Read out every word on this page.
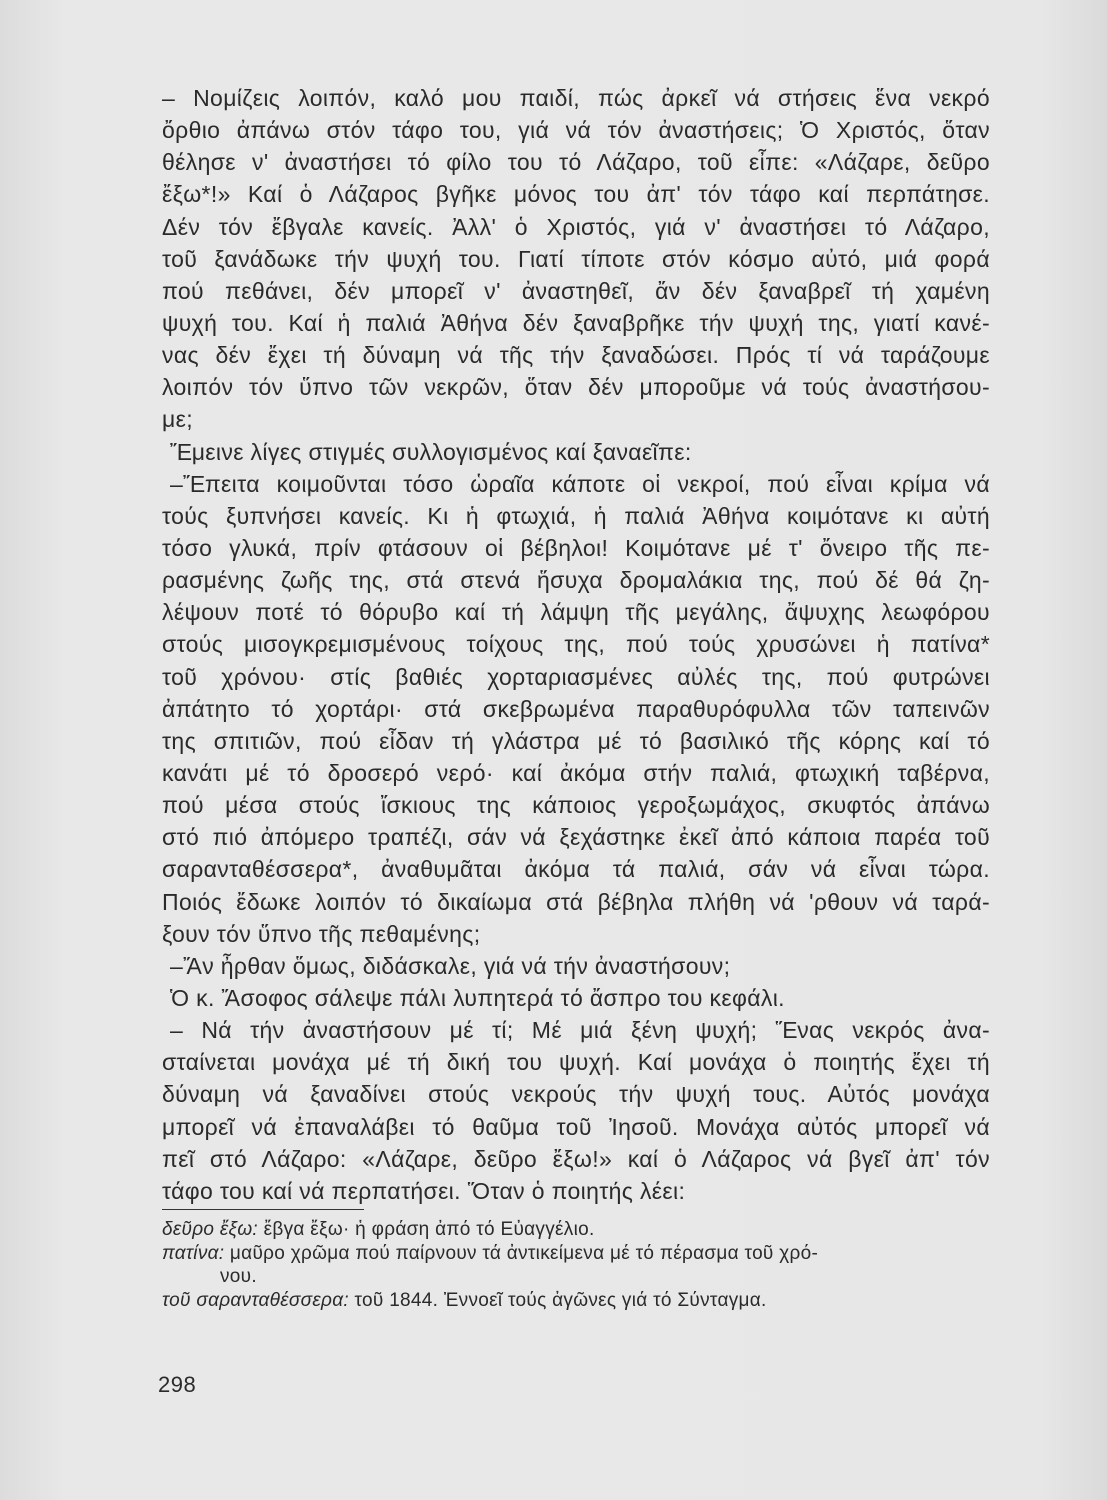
– Νομίζεις λοιπόν, καλό μου παιδί, πώς ἀρκεῖ νά στήσεις ἕνα νεκρό
ὄρθιο ἀπάνω στόν τάφο του, γιά νά τόν ἀναστήσεις; Ὁ Χριστός, ὅταν
θέλησε ν' ἀναστήσει τό φίλο του τό Λάζαρο, τοῦ εἶπε: «Λάζαρε, δεῦρο
ἔξω*!» Καί ὁ Λάζαρος βγῆκε μόνος του ἀπ' τόν τάφο καί περπάτησε.
Δέν τόν ἔβγαλε κανείς. Ἀλλ' ὁ Χριστός, γιά ν' ἀναστήσει τό Λάζαρο,
τοῦ ξανάδωκε τήν ψυχή του. Γιατί τίποτε στόν κόσμο αὐτό, μιά φορά
πού πεθάνει, δέν μπορεῖ ν' ἀναστηθεῖ, ἄν δέν ξαναβρεῖ τή χαμένη
ψυχή του. Καί ἡ παλιά Ἀθήνα δέν ξαναβρῆκε τήν ψυχή της, γιατί κανέ-
νας δέν ἔχει τή δύναμη νά τῆς τήν ξαναδώσει. Πρός τί νά ταράζουμε
λοιπόν τόν ὕπνο τῶν νεκρῶν, ὅταν δέν μποροῦμε νά τούς ἀναστήσου-
με;
Ἔμεινε λίγες στιγμές συλλογισμένος καί ξαναεῖπε:
–Ἔπειτα κοιμοῦνται τόσο ὡραῖα κάποτε οἱ νεκροί, πού εἶναι κρίμα νά
τούς ξυπνήσει κανείς. Κι ἡ φτωχιά, ἡ παλιά Ἀθήνα κοιμότανε κι αὐτή
τόσο γλυκά, πρίν φτάσουν οἱ βέβηλοι! Κοιμότανε μέ τ' ὄνειρο τῆς πε-
ρασμένης ζωῆς της, στά στενά ἥσυχα δρομαλάκια της, πού δέ θά ζη-
λέψουν ποτέ τό θόρυβο καί τή λάμψη τῆς μεγάλης, ἄψυχης λεωφόρου
στούς μισογκρεμισμένους τοίχους της, πού τούς χρυσώνει ἡ πατίνα*
τοῦ χρόνου· στίς βαθιές χορταριασμένες αὐλές της, πού φυτρώνει
ἀπάτητο τό χορτάρι· στά σκεβρωμένα παραθυρόφυλλα τῶν ταπεινῶν
της σπιτιῶν, πού εἶδαν τή γλάστρα μέ τό βασιλικό τῆς κόρης καί τό
κανάτι μέ τό δροσερό νερό· καί ἀκόμα στήν παλιά, φτωχική ταβέρνα,
πού μέσα στούς ἴσκιους της κάποιος γεροξωμάχος, σκυφτός ἀπάνω
στό πιό ἀπόμερο τραπέζι, σάν νά ξεχάστηκε ἐκεῖ ἀπό κάποια παρέα τοῦ
σαρανταθέσσερα*, ἀναθυμᾶται ἀκόμα τά παλιά, σάν νά εἶναι τώρα.
Ποιός ἔδωκε λοιπόν τό δικαίωμα στά βέβηλα πλήθη νά 'ρθουν νά ταρά-
ξουν τόν ὕπνο τῆς πεθαμένης;
–Ἄν ἦρθαν ὅμως, διδάσκαλε, γιά νά τήν ἀναστήσουν;
Ὁ κ. Ἄσοφος σάλεψε πάλι λυπητερά τό ἄσπρο του κεφάλι.
– Νά τήν ἀναστήσουν μέ τί; Μέ μιά ξένη ψυχή; Ἕνας νεκρός ἀνα-
σταίνεται μονάχα μέ τή δική του ψυχή. Καί μονάχα ὁ ποιητής ἔχει τή
δύναμη νά ξαναδίνει στούς νεκρούς τήν ψυχή τους. Αὐτός μονάχα
μπορεῖ νά ἐπαναλάβει τό θαῦμα τοῦ Ἰησοῦ. Μονάχα αὐτός μπορεῖ νά
πεῖ στό Λάζαρο: «Λάζαρε, δεῦρο ἔξω!» καί ὁ Λάζαρος νά βγεῖ ἀπ' τόν
τάφο του καί νά περπατήσει. Ὅταν ὁ ποιητής λέει:
δεῦρο ἔξω: ἔβγα ἔξω· ἡ φράση ἀπό τό Εὐαγγέλιο.
πατίνα: μαῦρο χρῶμα πού παίρνουν τά ἀντικείμενα μέ τό πέρασμα τοῦ χρό-
νου.
τοῦ σαρανταθέσσερα: τοῦ 1844. Ἐννοεῖ τούς ἀγῶνες γιά τό Σύνταγμα.
298
